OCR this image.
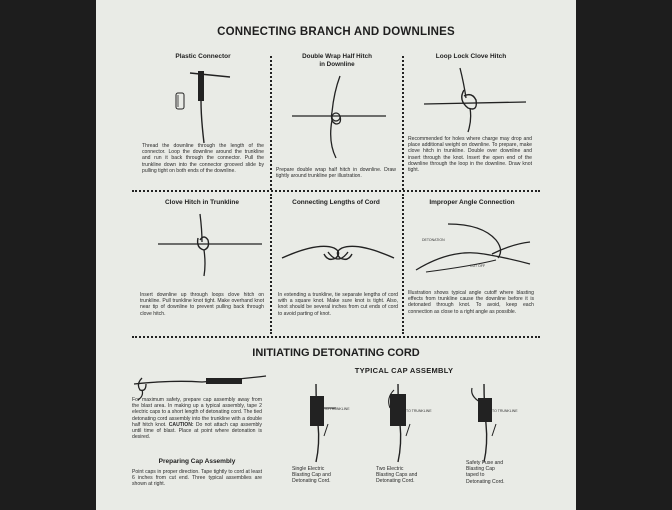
CONNECTING BRANCH AND DOWNLINES
Plastic Connector
Thread the downline through the length of the connector. Loop the downline around the trunkline and run it back through the connector. Pull the trunkline down into the connector grooved slide by pulling tight on both ends of the downline.
Double Wrap Half Hitch
in Downline
Prepare double wrap half hitch in downline. Draw tightly around trunkline per illustration.
Loop Lock Clove Hitch
Recommended for holes where charge may drop and place additional weight on downline. To prepare, make clove hitch in trunkline. Double over downline and insert through the knot. Insert the open end of the downline through the loop in the downline. Draw knot tight.
Clove Hitch in Trunkline
Insert downline up through loops clove hitch on trunkline. Pull trunkline knot tight. Make overhand knot near tip of downline to prevent pulling back through clove hitch.
Connecting Lengths of Cord
In extending a trunkline, tie separate lengths of cord with a square knot. Make sure knot is tight. Also, knot should be several inches from cut ends of cord to avoid parting of knot.
Improper Angle Connection
DETONATION
CUT OFF
Illustration shows typical angle cutoff where blasting effects from trunkline cause the downline before it is detonated through knot. To avoid, keep each connection as close to a right angle as possible.
INITIATING DETONATING CORD
For maximum safety, prepare cap assembly away from the blast area. In making up a typical assembly, tape 2 electric caps to a short length of detonating cord. The tied detonating cord assembly into the trunkline with a double half hitch knot. CAUTION: Do not attach cap assembly until time of blast. Place at point where detonation is desired.
Preparing Cap Assembly
Point caps in proper direction. Tape tightly to cord at least 6 inches from cut end. Three typical assemblies are shown at right.
TYPICAL CAP ASSEMBLY
TO TRUNKLINE	TO TRUNKLINE	TO TRUNKLINE
Single Electric
Blasting Cap and
Detonating Cord.
Two Electric
Blasting Caps and
Detonating Cord.
Safety Fuse and
Blasting Cap
taped to
Detonating Cord.
